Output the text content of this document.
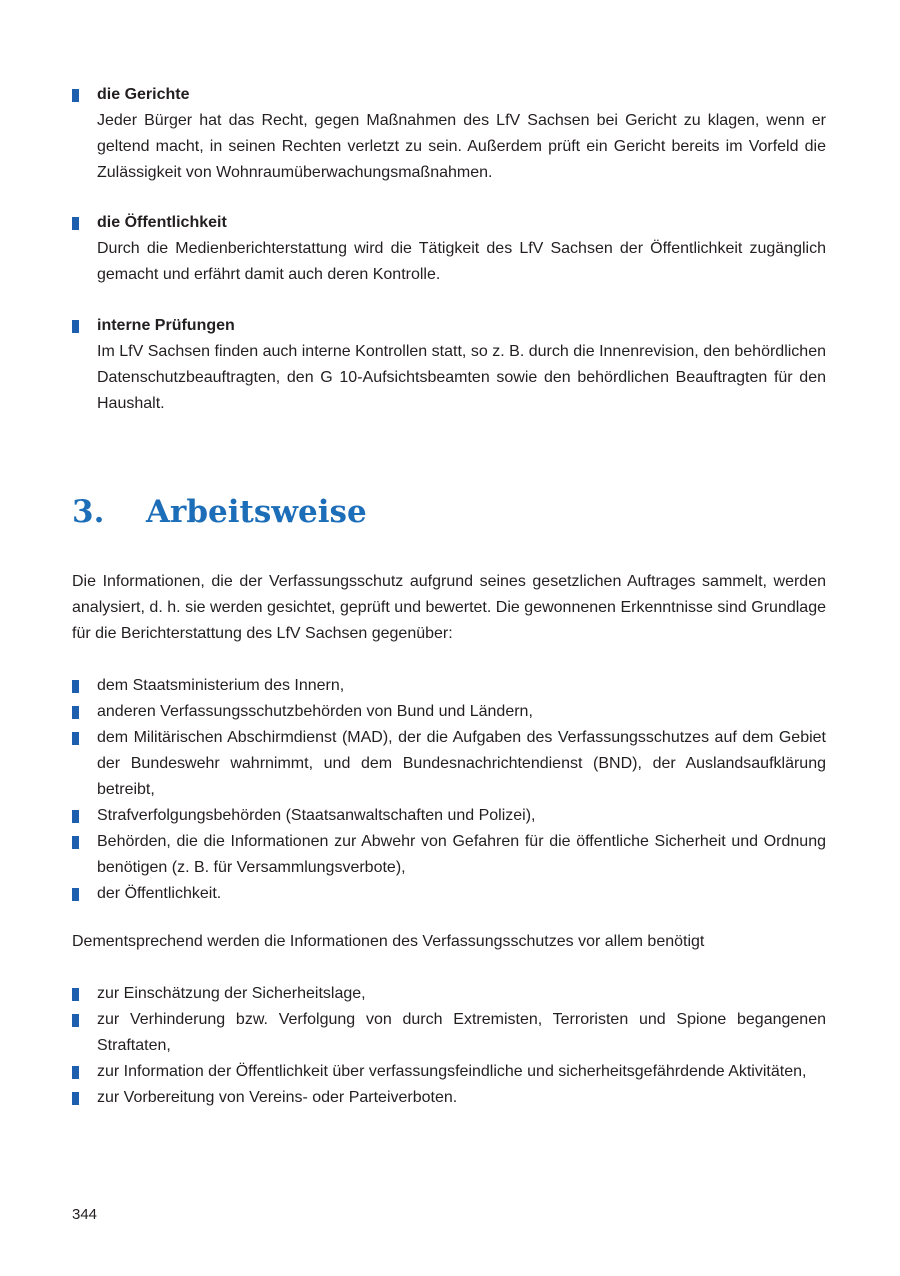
die Gerichte
Jeder Bürger hat das Recht, gegen Maßnahmen des LfV Sachsen bei Gericht zu klagen, wenn er geltend macht, in seinen Rechten verletzt zu sein. Außerdem prüft ein Gericht bereits im Vorfeld die Zulässigkeit von Wohnraumüberwachungsmaßnahmen.
die Öffentlichkeit
Durch die Medienberichterstattung wird die Tätigkeit des LfV Sachsen der Öffentlichkeit zugänglich gemacht und erfährt damit auch deren Kontrolle.
interne Prüfungen
Im LfV Sachsen finden auch interne Kontrollen statt, so z. B. durch die Innenrevision, den behördlichen Datenschutzbeauftragten, den G 10-Aufsichtsbeamten sowie den behördlichen Beauftragten für den Haushalt.
3. Arbeitsweise

Die Informationen, die der Verfassungsschutz aufgrund seines gesetzlichen Auftrages sammelt, werden analysiert, d. h. sie werden gesichtet, geprüft und bewertet. Die gewonnenen Erkenntnisse sind Grundlage für die Berichterstattung des LfV Sachsen gegenüber:

dem Staatsministerium des Innern,
anderen Verfassungsschutzbehörden von Bund und Ländern,
dem Militärischen Abschirmdienst (MAD), der die Aufgaben des Verfassungsschutzes auf dem Gebiet der Bundeswehr wahrnimmt, und dem Bundesnachrichtendienst (BND), der Auslandsaufklärung betreibt,
Strafverfolgungsbehörden (Staatsanwaltschaften und Polizei),
Behörden, die die Informationen zur Abwehr von Gefahren für die öffentliche Sicherheit und Ordnung benötigen (z. B. für Versammlungsverbote),
der Öffentlichkeit.

Dementsprechend werden die Informationen des Verfassungsschutzes vor allem benötigt

zur Einschätzung der Sicherheitslage,
zur Verhinderung bzw. Verfolgung von durch Extremisten, Terroristen und Spione begangenen Straftaten,
zur Information der Öffentlichkeit über verfassungsfeindliche und sicherheitsgefährdende Aktivitäten,
zur Vorbereitung von Vereins- oder Parteiverboten.
344
